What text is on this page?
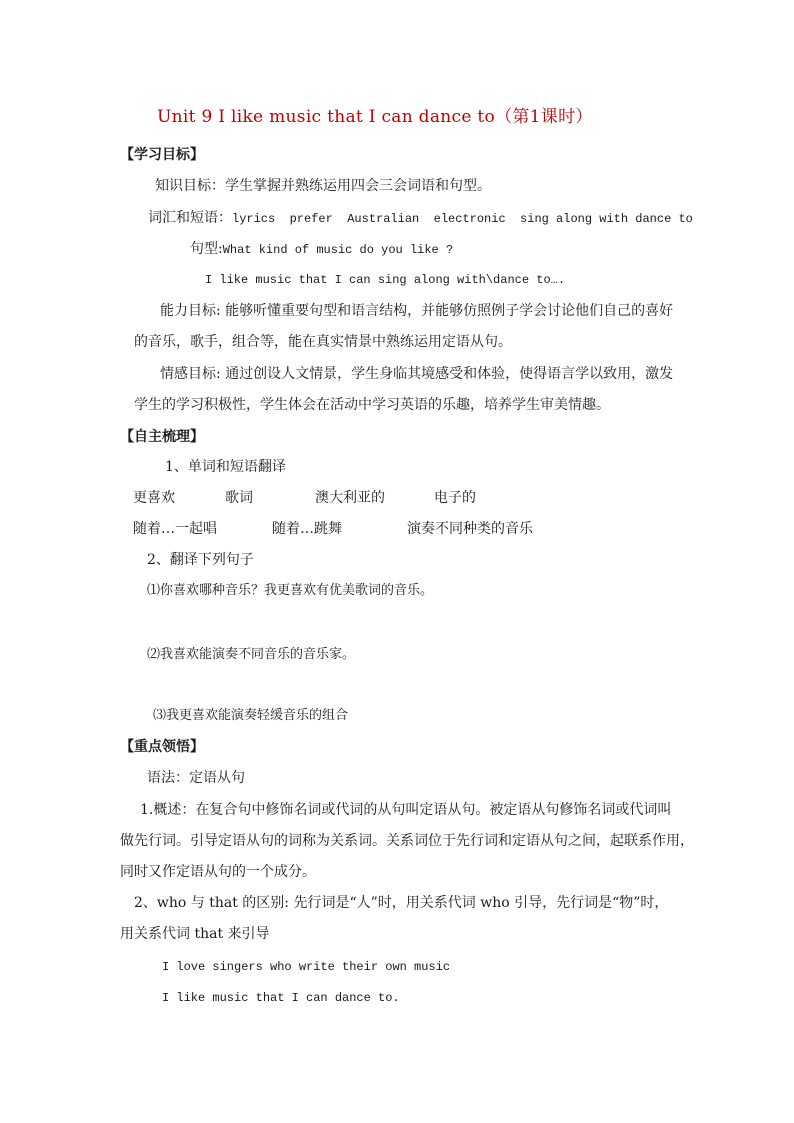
Unit 9 I like music that I can dance to（第1课时）
【学习目标】
知识目标：学生掌握并熟练运用四会三会词语和句型。
词汇和短语：lyrics  prefer  Australian  electronic  sing along with dance to
句型:What kind of music do you like ?
I like music that I can sing along with\dance to….
能力目标: 能够听懂重要句型和语言结构，并能够仿照例子学会讨论他们自己的喜好
的音乐，歌手，组合等，能在真实情景中熟练运用定语从句。
情感目标: 通过创设人文情景，学生身临其境感受和体验，使得语言学以致用，激发
学生的学习积极性，学生体会在活动中学习英语的乐趣，培养学生审美情趣。
【自主梳理】
1、单词和短语翻译
更喜欢	歌词	澳大利亚的	电子的
随着…一起唱	随着…跳舞	演奏不同种类的音乐
2、翻译下列句子
⑴你喜欢哪种音乐？我更喜欢有优美歌词的音乐。
⑵我喜欢能演奏不同音乐的音乐家。
⑶我更喜欢能演奏轻缓音乐的组合
【重点领悟】
语法：定语从句
1.概述：在复合句中修饰名词或代词的从句叫定语从句。被定语从句修饰名词或代词叫
做先行词。引导定语从句的词称为关系词。关系词位于先行词和定语从句之间，起联系作用，
同时又作定语从句的一个成分。
2、who 与 that 的区别: 先行词是“人”时，用关系代词 who 引导，先行词是“物”时，
用关系代词 that 来引导
I love singers who write their own music
I like music that I can dance to.
